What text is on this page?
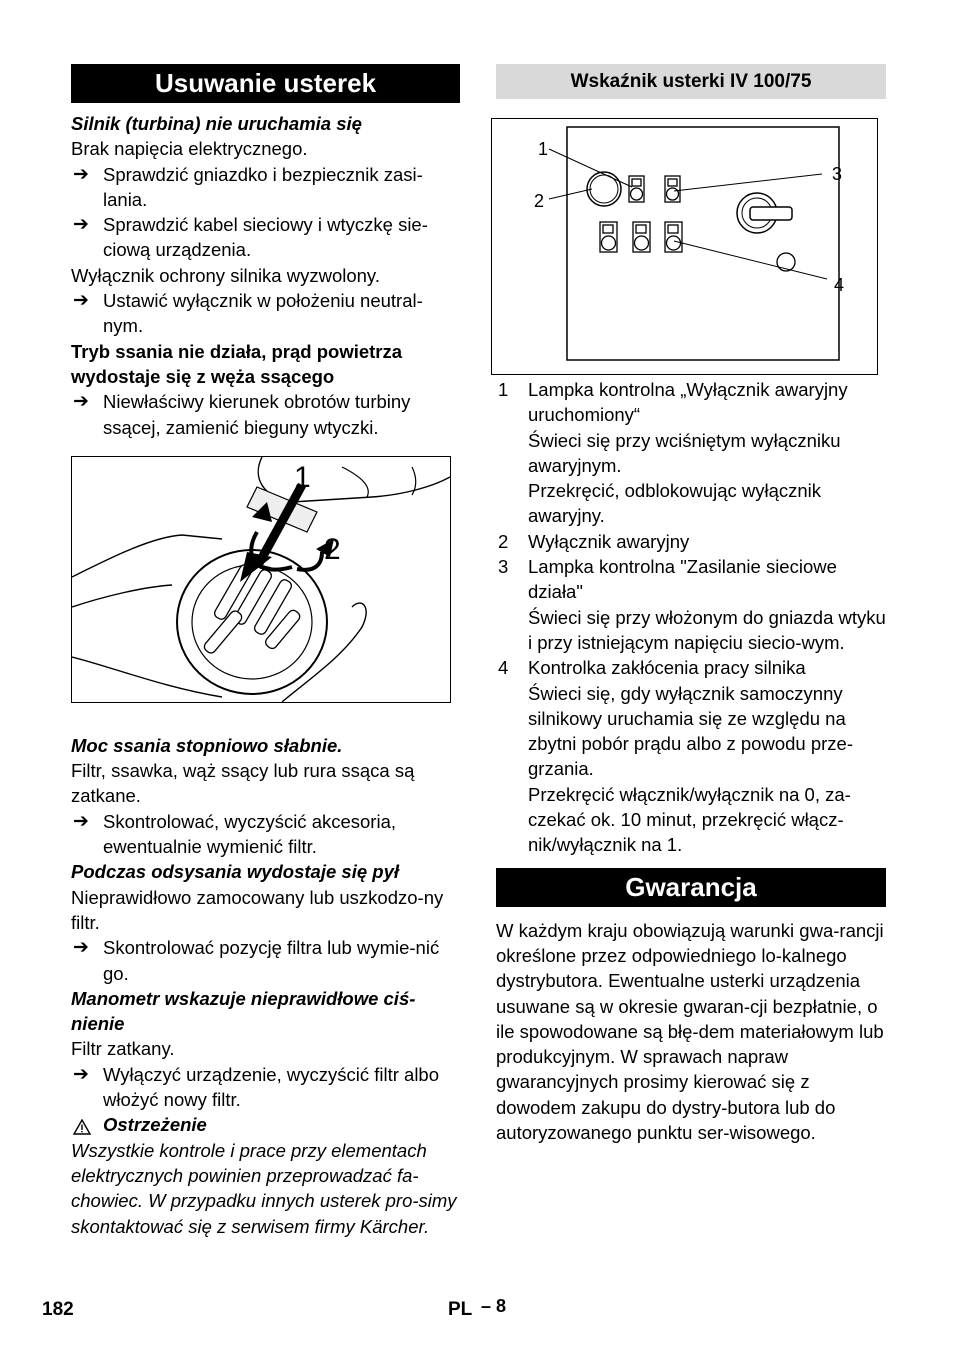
Usuwanie usterek

Silnik (turbina) nie uruchamia się

Brak napięcia elektrycznego.

➔ Sprawdzić gniazdko i bezpiecznik zasi-lania.

➔ Sprawdzić kabel sieciowy i wtyczkę sie-ciową urządzenia.

Wyłącznik ochrony silnika wyzwolony.

➔ Ustawić wyłącznik w położeniu neutral-nym.

Tryb ssania nie działa, prąd powietrza wydostaje się z węża ssącego

➔ Niewłaściwy kierunek obrotów turbiny ssącej, zamienić bieguny wtyczki.

1
2

Moc ssania stopniowo słabnie.

Filtr, ssawka, wąż ssący lub rura ssąca są zatkane.

➔ Skontrolować, wyczyścić akcesoria, ewentualnie wymienić filtr.

Podczas odsysania wydostaje się pył

Nieprawidłowo zamocowany lub uszkodzo-ny filtr.

➔ Skontrolować pozycję filtra lub wymie-nić go.

Manometr wskazuje nieprawidłowe ciś-nienie

Filtr zatkany.

➔ Wyłączyć urządzenie, wyczyścić filtr albo włożyć nowy filtr.

Ostrzeżenie

Wszystkie kontrole i prace przy elementach elektrycznych powinien przeprowadzać fa-chowiec. W przypadku innych usterek pro-simy skontaktować się z serwisem firmy Kärcher.

Wskaźnik usterki IV 100/75
1
2
3
4
1 Lampka kontrolna „Wyłącznik awaryjny uruchomiony“

Świeci się przy wciśniętym wyłączniku awaryjnym.

Przekręcić, odblokowując wyłącznik awaryjny.

2 Wyłącznik awaryjny
3 Lampka kontrolna "Zasilanie sieciowe działa"

Świeci się przy włożonym do gniazda wtyku i przy istniejącym napięciu siecio-wym.

4 Kontrolka zakłócenia pracy silnika

Świeci się, gdy wyłącznik samoczynny silnikowy uruchamia się ze względu na zbytni pobór prądu albo z powodu prze-grzania.

Przekręcić włącznik/wyłącznik na 0, za-czekać ok. 10 minut, przekręcić włącz-nik/wyłącznik na 1.

Gwarancja

W każdym kraju obowiązują warunki gwa-rancji określone przez odpowiedniego lo-kalnego dystrybutora. Ewentualne usterki urządzenia usuwane są w okresie gwaran-cji bezpłatnie, o ile spowodowane są błę-dem materiałowym lub produkcyjnym. W sprawach napraw gwarancyjnych prosimy kierować się z dowodem zakupu do dystry-butora lub do autoryzowanego punktu ser-wisowego.

182	PL – 8
